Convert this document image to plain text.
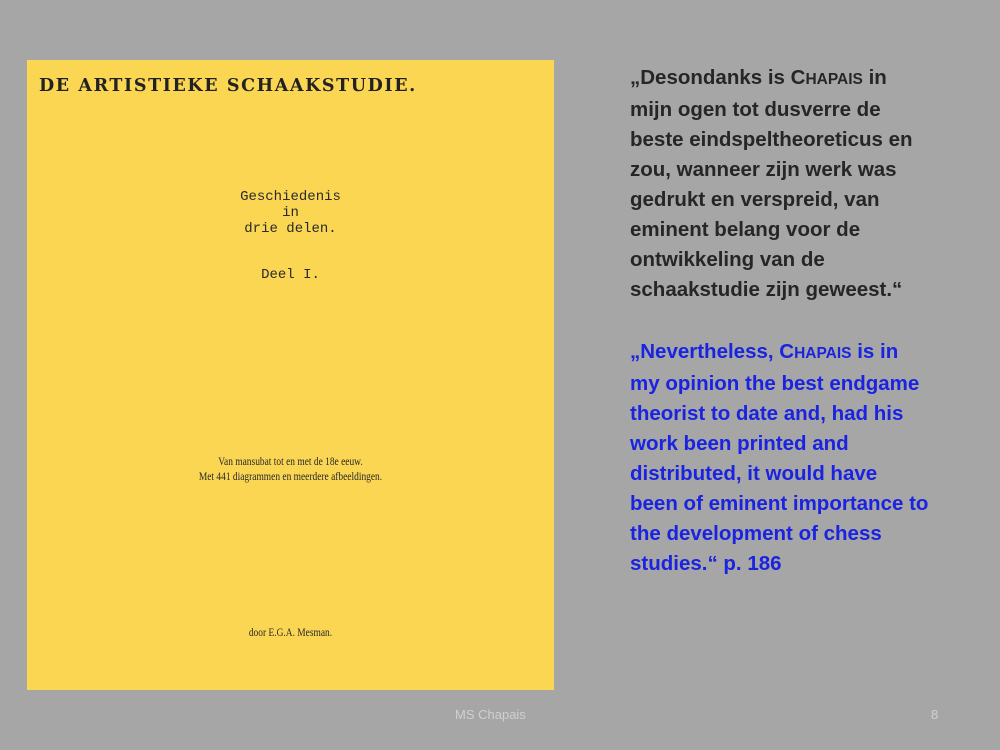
DE ARTISTIEKE SCHAAKSTUDIE.
Geschiedenis
in
drie delen.
Deel I.
Van mansubat tot en met de 18e eeuw.
Met 441 diagrammen en meerdere afbeeldingen.
door E.G.A. Mesman.
„Desondanks is CHAPAIS in mijn ogen tot dusverre de beste eindspeltheoreticus en zou, wanneer zijn werk was gedrukt en verspreid, van eminent belang voor de ontwikkeling van de schaakstudie zijn geweest.“
„Nevertheless, CHAPAIS is in my opinion the best endgame theorist to date and, had his work been printed and distributed, it would have been of eminent importance to the development of chess studies.“ p. 186
MS Chapais	8
